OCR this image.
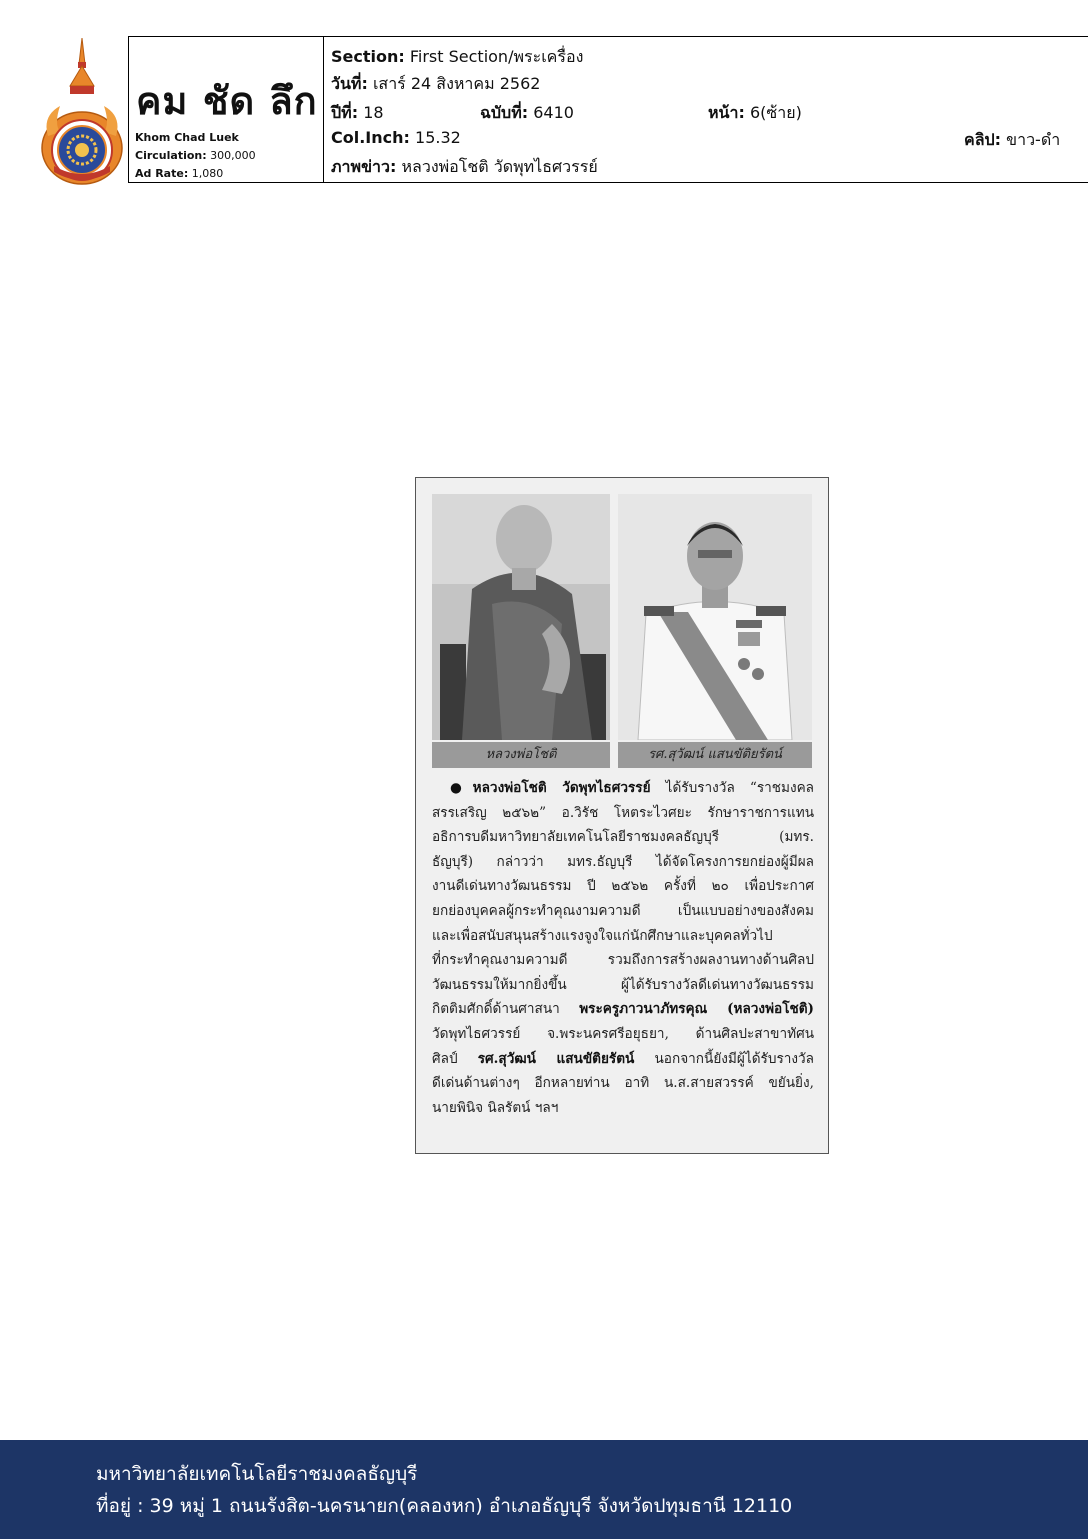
คม ชัด ลึก
Khom Chad Luek
Circulation: 300,000
Ad Rate: 1,080
Section: First Section/พระเครื่อง
วันที่: เสาร์ 24 สิงหาคม 2562
ปีที่: 18	ฉบับที่: 6410	หน้า: 6(ซ้าย)
Col.Inch: 15.32	คลิป: ขาว-ดำ
ภาพข่าว: หลวงพ่อโชติ วัดพุทไธศวรรย์
หลวงพ่อโชติ	รศ.สุวัฒน์ แสนขัติยรัตน์
●หลวงพ่อโชติ วัดพุทไธศวรรย์ ได้รับรางวัล “ราชมงคล
สรรเสริญ ๒๕๖๒” อ.วิรัช โหตระไวศยะ รักษาราชการแทน
อธิการบดีมหาวิทยาลัยเทคโนโลยีราชมงคลธัญบุรี (มทร.
ธัญบุรี) กล่าวว่า มทร.ธัญบุรี ได้จัดโครงการยกย่องผู้มีผล
งานดีเด่นทางวัฒนธรรม ปี ๒๕๖๒ ครั้งที่ ๒๐ เพื่อประกาศ
ยกย่องบุคคลผู้กระทำคุณงามความดี เป็นแบบอย่างของสังคม
และเพื่อสนับสนุนสร้างแรงจูงใจแก่นักศึกษาและบุคคลทั่วไป
ที่กระทำคุณงามความดี รวมถึงการสร้างผลงานทางด้านศิลป
วัฒนธรรมให้มากยิ่งขึ้น ผู้ได้รับรางวัลดีเด่นทางวัฒนธรรม
กิตติมศักดิ์ด้านศาสนา พระครูภาวนาภัทรคุณ (หลวงพ่อโชติ)
วัดพุทไธศวรรย์ จ.พระนครศรีอยุธยา, ด้านศิลปะสาขาทัศน
ศิลป์ รศ.สุวัฒน์ แสนขัติยรัตน์ นอกจากนี้ยังมีผู้ได้รับรางวัล
ดีเด่นด้านต่างๆ อีกหลายท่าน อาทิ น.ส.สายสวรรค์ ขยันยิ่ง,
นายพินิจ นิลรัตน์ ฯลฯ
มหาวิทยาลัยเทคโนโลยีราชมงคลธัญบุรี
ที่อยู่ : 39 หมู่ 1 ถนนรังสิต-นครนายก(คลองหก) อำเภอธัญบุรี จังหวัดปทุมธานี 12110
